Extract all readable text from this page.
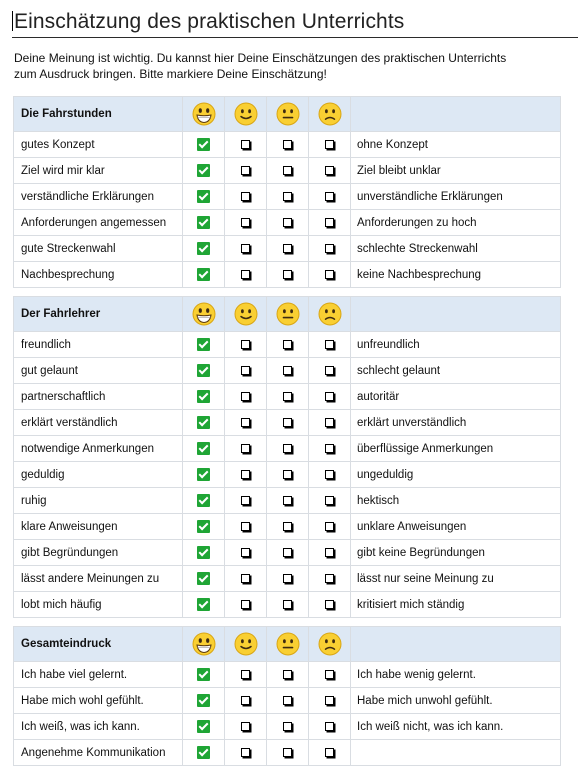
Einschätzung des praktischen Unterrichts
Deine Meinung ist wichtig. Du kannst hier Deine Einschätzungen des praktischen Unterrichts
zum Ausdruck bringen. Bitte markiere Deine Einschätzung!
Die Fahrstunden					
gutes Konzept					ohne Konzept
Ziel wird mir klar					Ziel bleibt unklar
verständliche Erklärungen					unverständliche Erklärungen
Anforderungen angemessen					Anforderungen zu hoch
gute Streckenwahl					schlechte Streckenwahl
Nachbesprechung					keine Nachbesprechung

Der Fahrlehrer					
freundlich					unfreundlich
gut gelaunt					schlecht gelaunt
partnerschaftlich					autoritär
erklärt verständlich					erklärt unverständlich
notwendige Anmerkungen					überflüssige Anmerkungen
geduldig					ungeduldig
ruhig					hektisch
klare Anweisungen					unklare Anweisungen
gibt Begründungen					gibt keine Begründungen
lässt andere Meinungen zu					lässt nur seine Meinung zu
lobt mich häufig					kritisiert mich ständig

Gesamteindruck					
Ich habe viel gelernt.					Ich habe wenig gelernt.
Habe mich wohl gefühlt.					Habe mich unwohl gefühlt.
Ich weiß, was ich kann.					Ich weiß nicht, was ich kann.
Angenehme Kommunikation					
